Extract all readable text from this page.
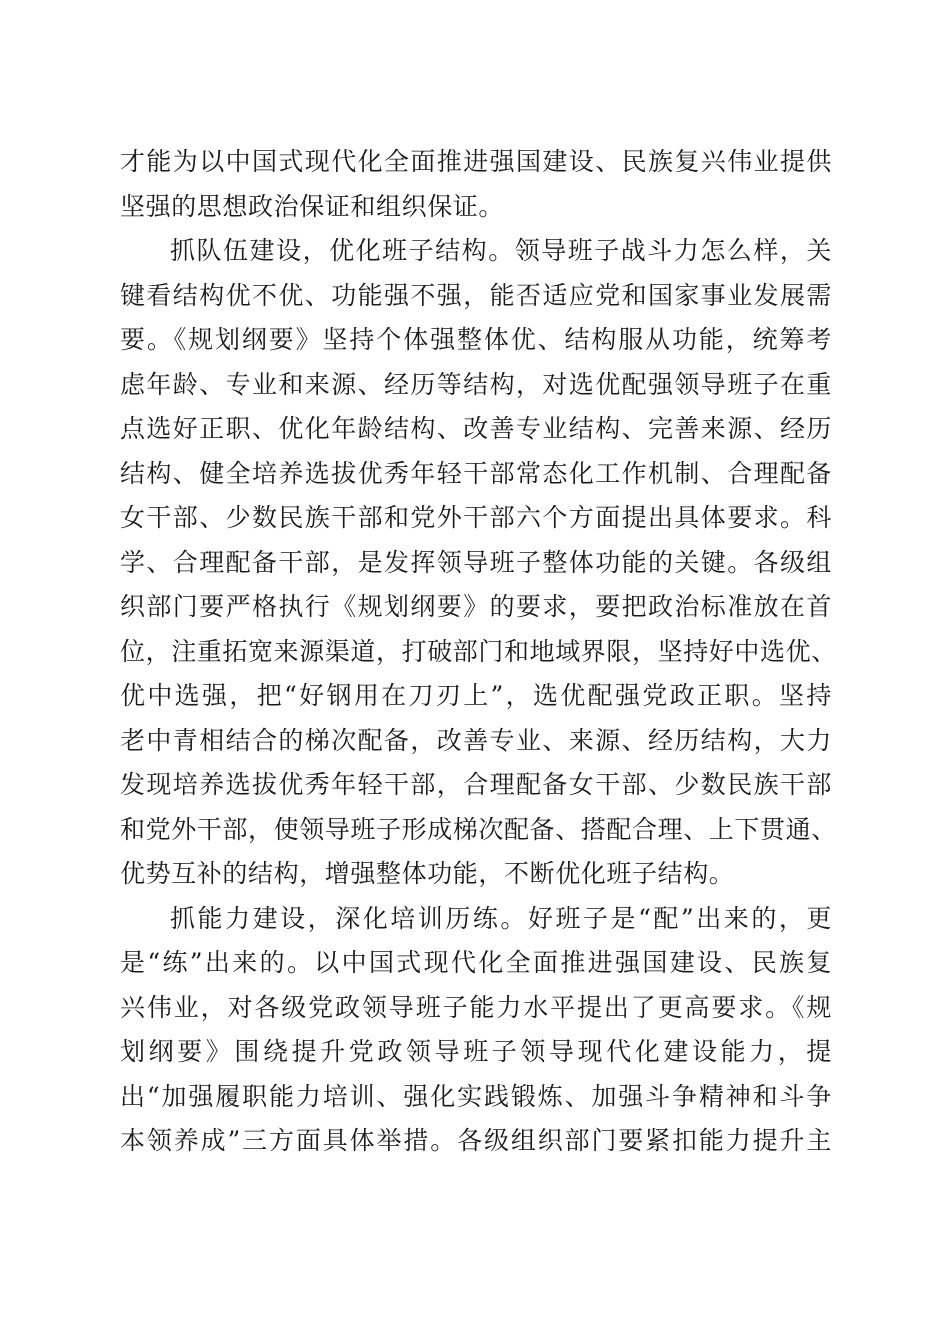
才能为以中国式现代化全面推进强国建设、民族复兴伟业提供
坚强的思想政治保证和组织保证。
抓队伍建设，优化班子结构。领导班子战斗力怎么样，关
键看结构优不优、功能强不强，能否适应党和国家事业发展需
要。《规划纲要》坚持个体强整体优、结构服从功能，统筹考
虑年龄、专业和来源、经历等结构，对选优配强领导班子在重
点选好正职、优化年龄结构、改善专业结构、完善来源、经历
结构、健全培养选拔优秀年轻干部常态化工作机制、合理配备
女干部、少数民族干部和党外干部六个方面提出具体要求。科
学、合理配备干部，是发挥领导班子整体功能的关键。各级组
织部门要严格执行《规划纲要》的要求，要把政治标准放在首
位，注重拓宽来源渠道，打破部门和地域界限，坚持好中选优、
优中选强，把“好钢用在刀刃上”，选优配强党政正职。坚持
老中青相结合的梯次配备，改善专业、来源、经历结构，大力
发现培养选拔优秀年轻干部，合理配备女干部、少数民族干部
和党外干部，使领导班子形成梯次配备、搭配合理、上下贯通、
优势互补的结构，增强整体功能，不断优化班子结构。
抓能力建设，深化培训历练。好班子是“配”出来的，更
是“练”出来的。以中国式现代化全面推进强国建设、民族复
兴伟业，对各级党政领导班子能力水平提出了更高要求。《规
划纲要》围绕提升党政领导班子领导现代化建设能力，提
出“加强履职能力培训、强化实践锻炼、加强斗争精神和斗争
本领养成”三方面具体举措。各级组织部门要紧扣能力提升主
